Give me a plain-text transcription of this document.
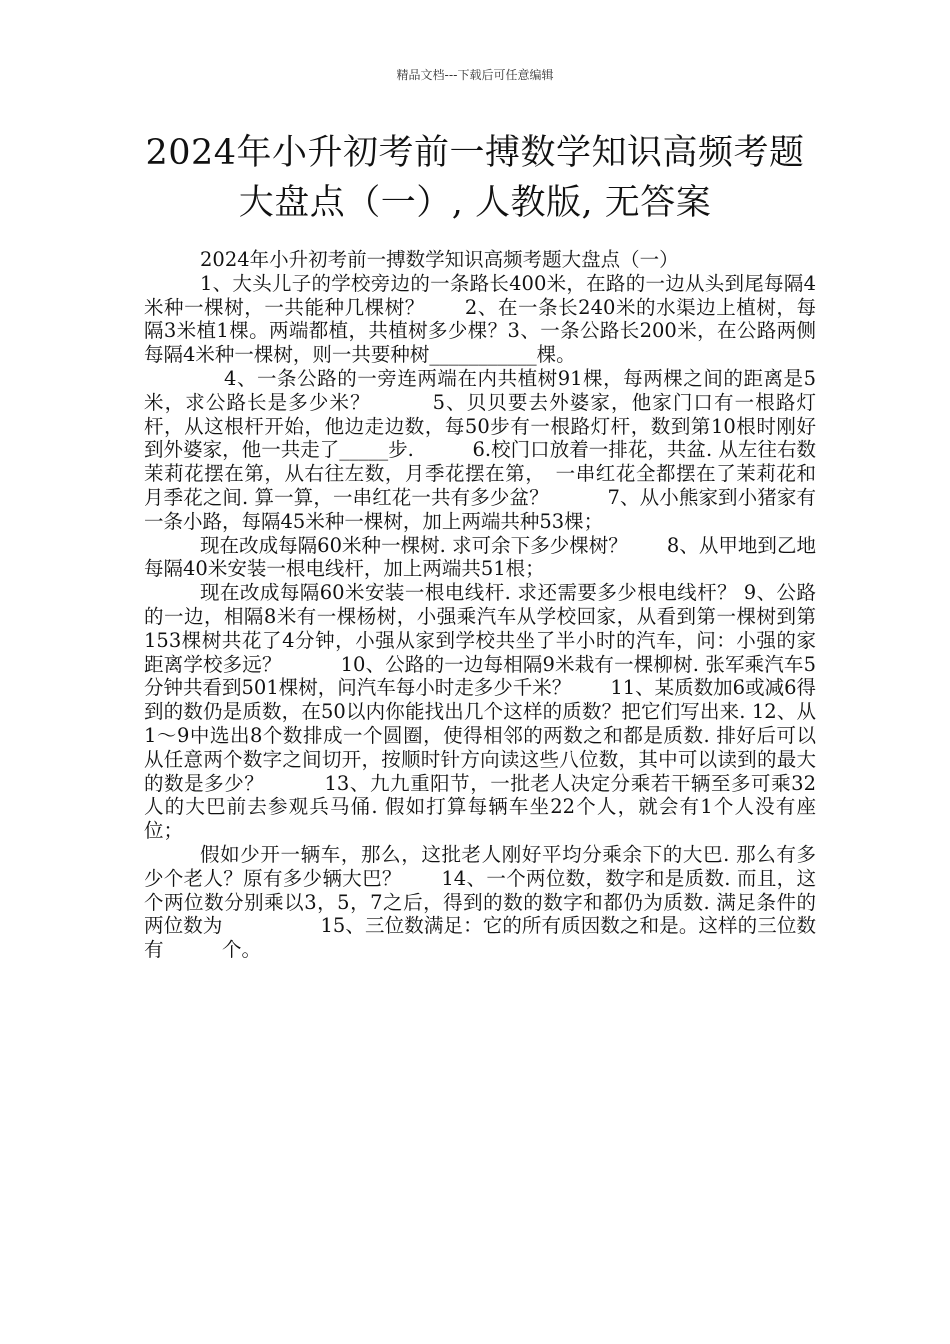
精品文档---下载后可任意编辑
2024年小升初考前一搏数学知识高频考题
大盘点（一）, 人教版, 无答案

2024年小升初考前一搏数学知识高频考题大盘点（一）

1、大头儿子的学校旁边的一条路长400米，在路的一边从头到尾每隔4米种一棵树，一共能种几棵树？　　2、在一条长240米的水渠边上植树，每隔3米植1棵。两端都植，共植树多少棵？3、一条公路长200米，在公路两侧每隔4米种一棵树，则一共要种树___________棵。

4、一条公路的一旁连两端在内共植树91棵，每两棵之间的距离是5米，求公路长是多少米？　　　5、贝贝要去外婆家，他家门口有一根路灯杆，从这根杆开始，他边走边数，每50步有一根路灯杆，数到第10根时刚好到外婆家，他一共走了_____步.　　　6.校门口放着一排花，共盆. 从左往右数茉莉花摆在第，从右往左数，月季花摆在第，　一串红花全都摆在了茉莉花和月季花之间. 算一算，一串红花一共有多少盆？　　　7、从小熊家到小猪家有一条小路，每隔45米种一棵树，加上两端共种53棵；

现在改成每隔60米种一棵树. 求可余下多少棵树？　　8、从甲地到乙地每隔40米安装一根电线杆，加上两端共51根；

现在改成每隔60米安装一根电线杆. 求还需要多少根电线杆？ 9、公路的一边，相隔8米有一棵杨树，小强乘汽车从学校回家，从看到第一棵树到第153棵树共花了4分钟，小强从家到学校共坐了半小时的汽车，问：小强的家距离学校多远？　　　10、公路的一边每相隔9米栽有一棵柳树. 张军乘汽车5分钟共看到501棵树，问汽车每小时走多少千米？　　11、某质数加6或减6得到的数仍是质数，在50以内你能找出几个这样的质数？把它们写出来. 12、从1～9中选出8个数排成一个圆圈，使得相邻的两数之和都是质数. 排好后可以从任意两个数字之间切开，按顺时针方向读这些八位数，其中可以读到的最大的数是多少？　　　13、九九重阳节，一批老人决定分乘若干辆至多可乘32人的大巴前去参观兵马俑. 假如打算每辆车坐22个人，就会有1个人没有座位；

假如少开一辆车，那么，这批老人刚好平均分乘余下的大巴. 那么有多少个老人？原有多少辆大巴？　　14、一个两位数，数字和是质数. 而且，这个两位数分别乘以3，5，7之后，得到的数的数字和都仍为质数. 满足条件的两位数为　　　　　15、三位数满足：它的所有质因数之和是。这样的三位数有　　　个。
